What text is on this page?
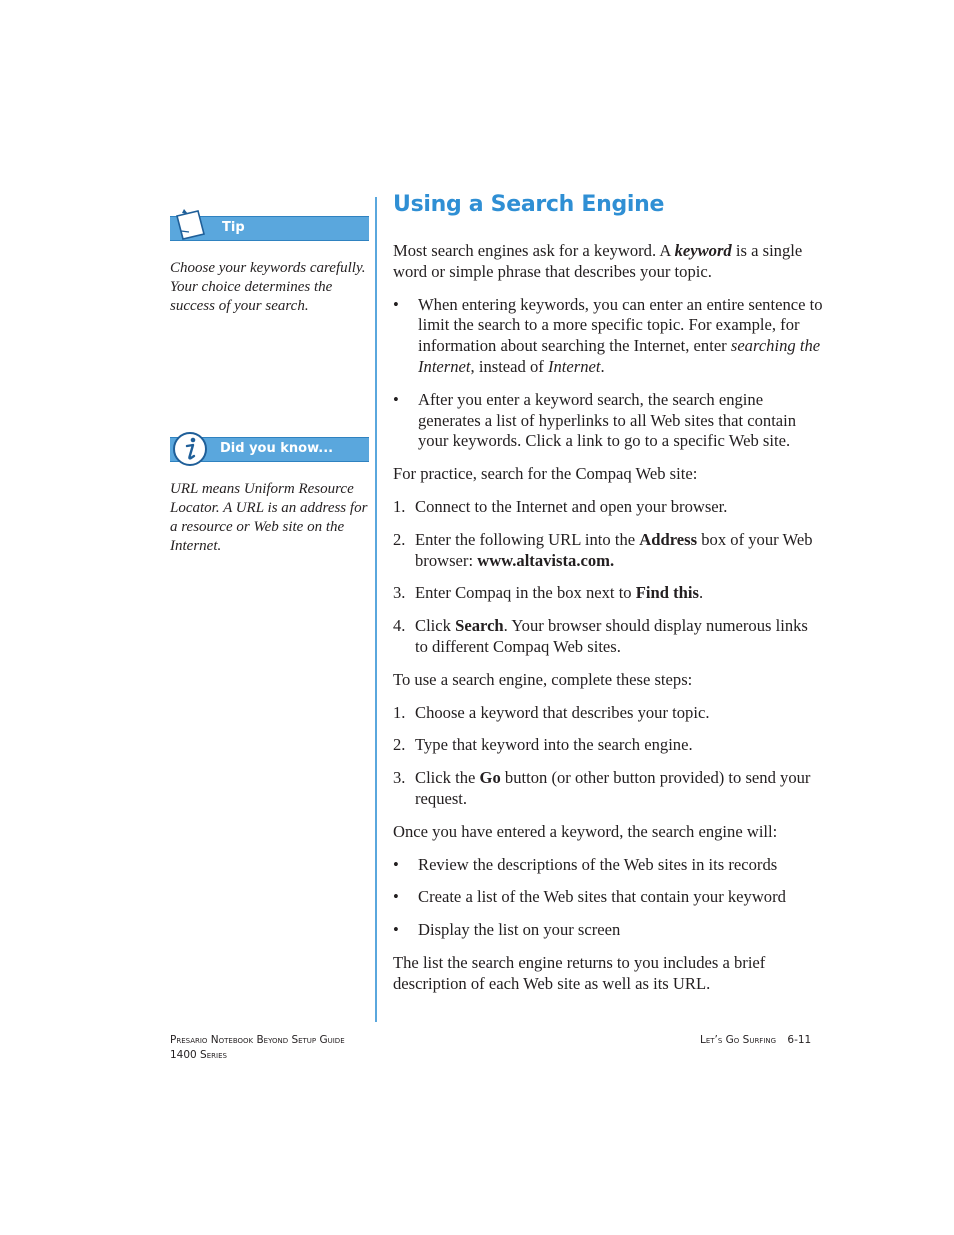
Tip
Choose your keywords carefully. Your choice determines the success of your search.
Did you know...
URL means Uniform Resource Locator. A URL is an address for a resource or Web site on the Internet.
Using a Search Engine

Most search engines ask for a keyword. A keyword is a single word or simple phrase that describes your topic.

• When entering keywords, you can enter an entire sentence to limit the search to a more specific topic. For example, for information about searching the Internet, enter searching the Internet, instead of Internet.
• After you enter a keyword search, the search engine generates a list of hyperlinks to all Web sites that contain your keywords. Click a link to go to a specific Web site.

For practice, search for the Compaq Web site:

1. Connect to the Internet and open your browser.
2. Enter the following URL into the Address box of your Web browser: www.altavista.com.
3. Enter Compaq in the box next to Find this.
4. Click Search. Your browser should display numerous links to different Compaq Web sites.

To use a search engine, complete these steps:

1. Choose a keyword that describes your topic.
2. Type that keyword into the search engine.
3. Click the Go button (or other button provided) to send your request.

Once you have entered a keyword, the search engine will:

• Review the descriptions of the Web sites in its records
• Create a list of the Web sites that contain your keyword
• Display the list on your screen

The list the search engine returns to you includes a brief description of each Web site as well as its URL.

Presario Notebook Beyond Setup Guide
1400 Series
Let’s Go Surfing 6-11
